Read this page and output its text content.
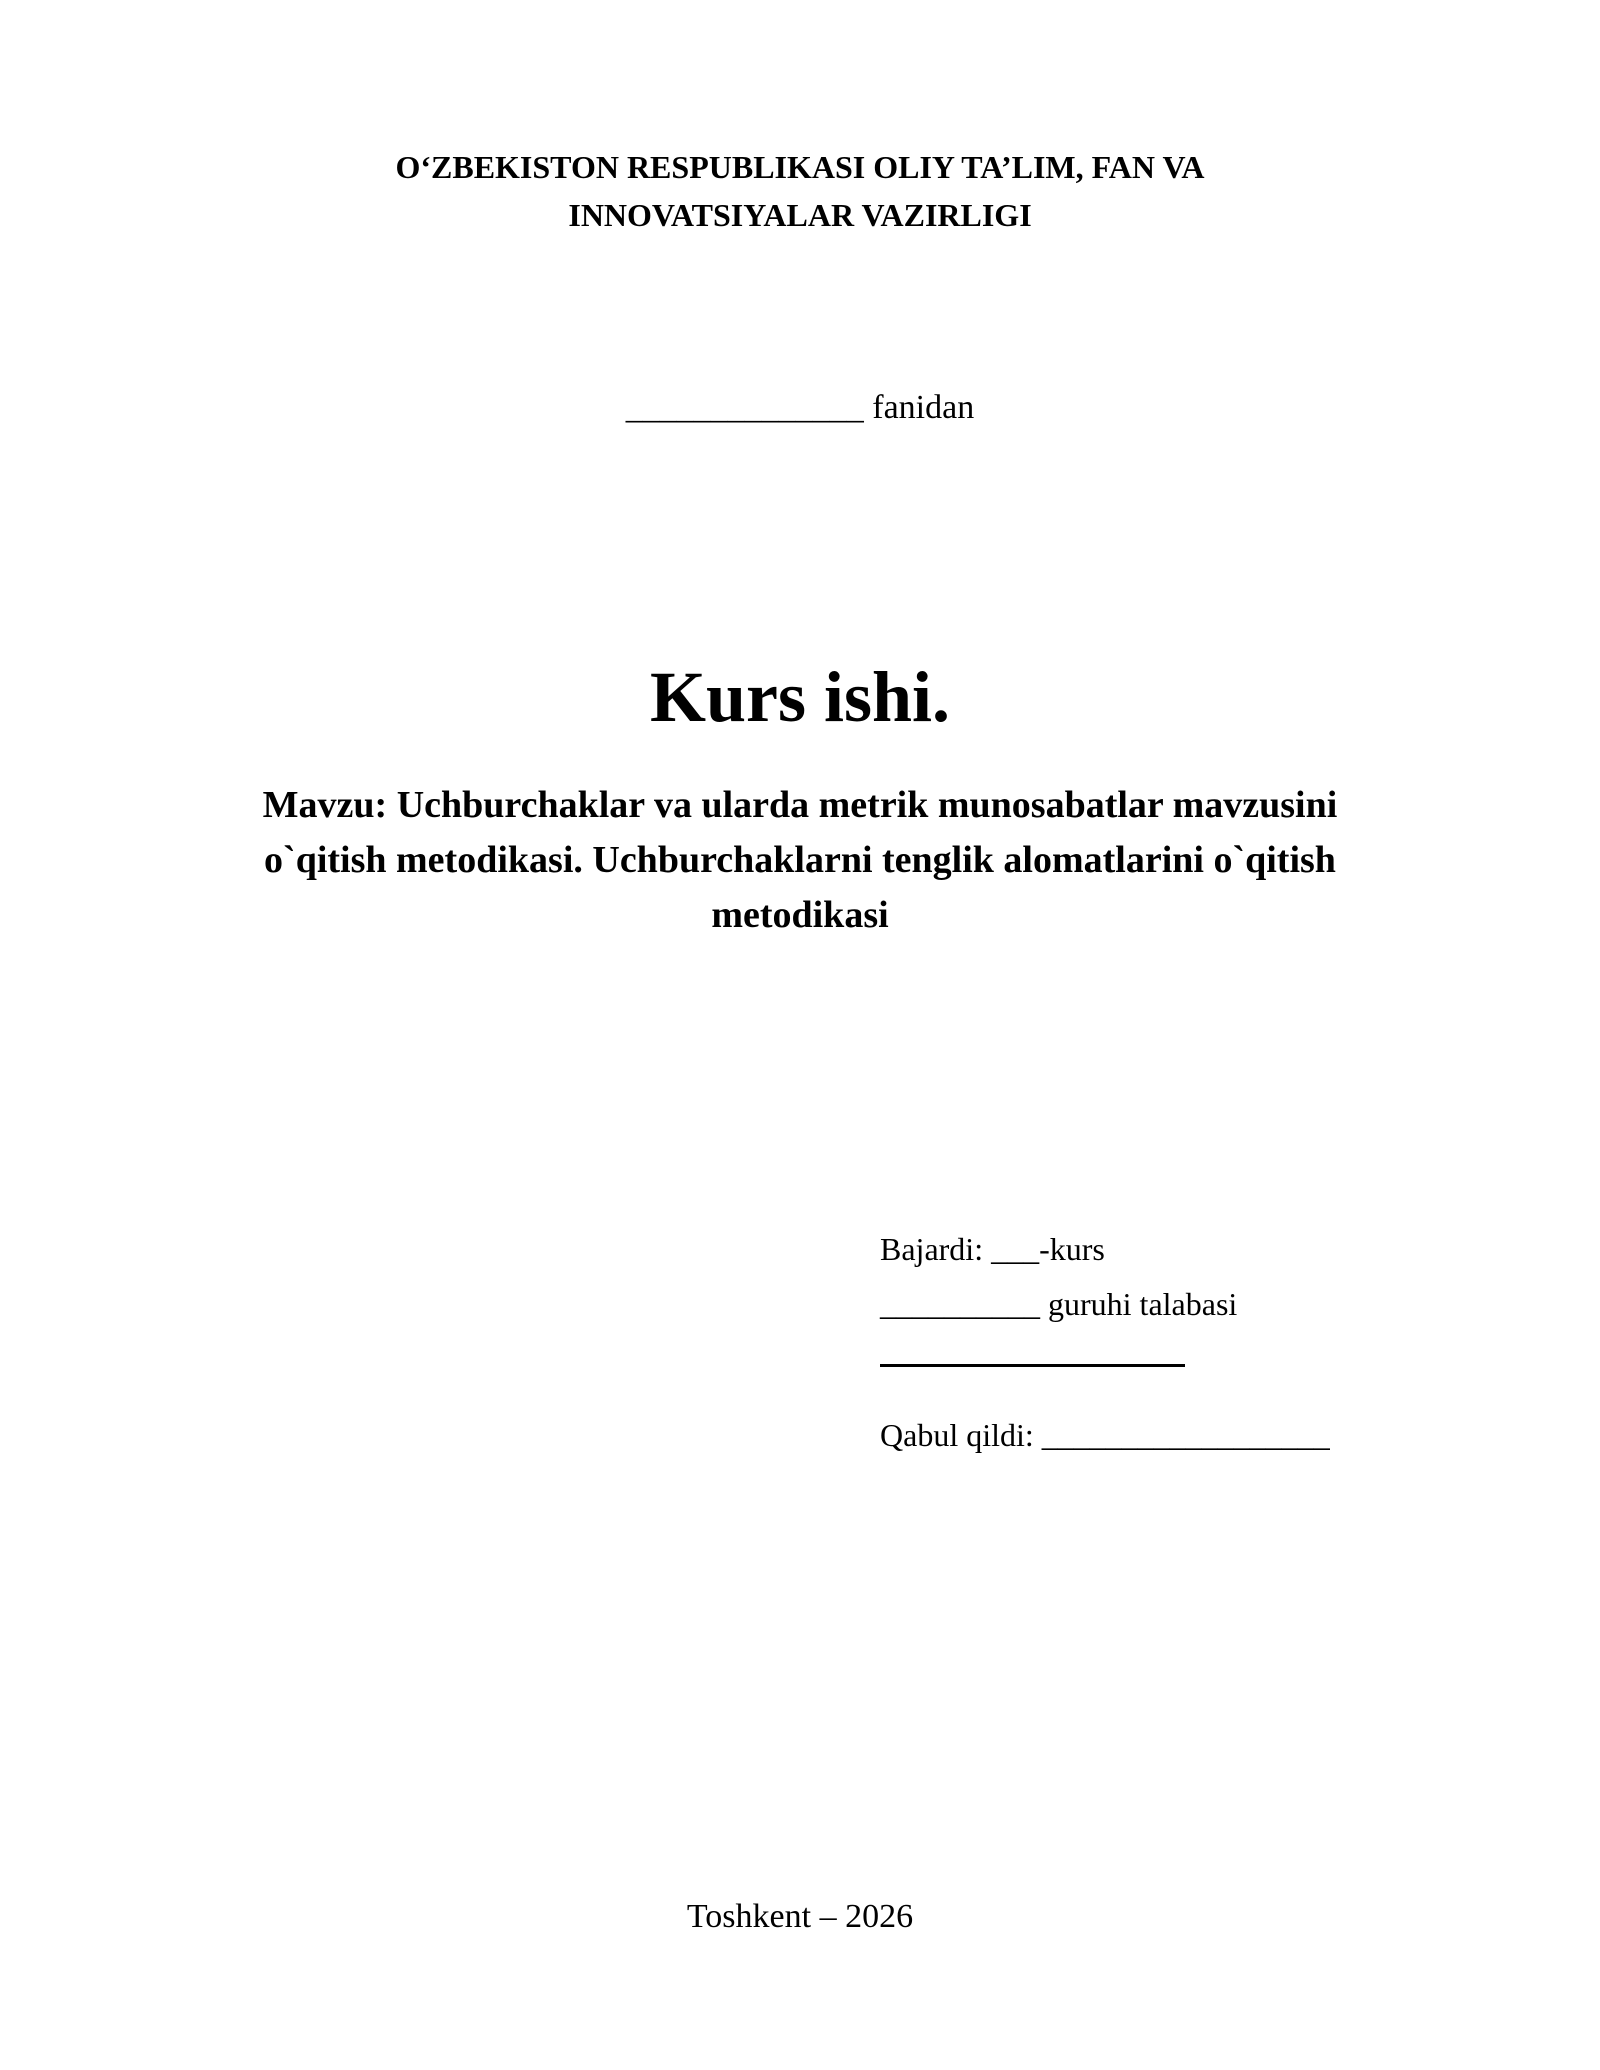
O‘ZBEKISTON RESPUBLIKASI OLIY TA’LIM, FAN VA
INNOVATSIYALAR VAZIRLIGI
______________ fanidan
Kurs ishi.
Mavzu: Uchburchaklar va ularda metrik munosabatlar mavzusini
o`qitish metodikasi. Uchburchaklarni tenglik alomatlarini o`qitish
metodikasi
Bajardi: ___-kurs
__________ guruhi talabasi
Qabul qildi: __________________
Toshkent – 2026
